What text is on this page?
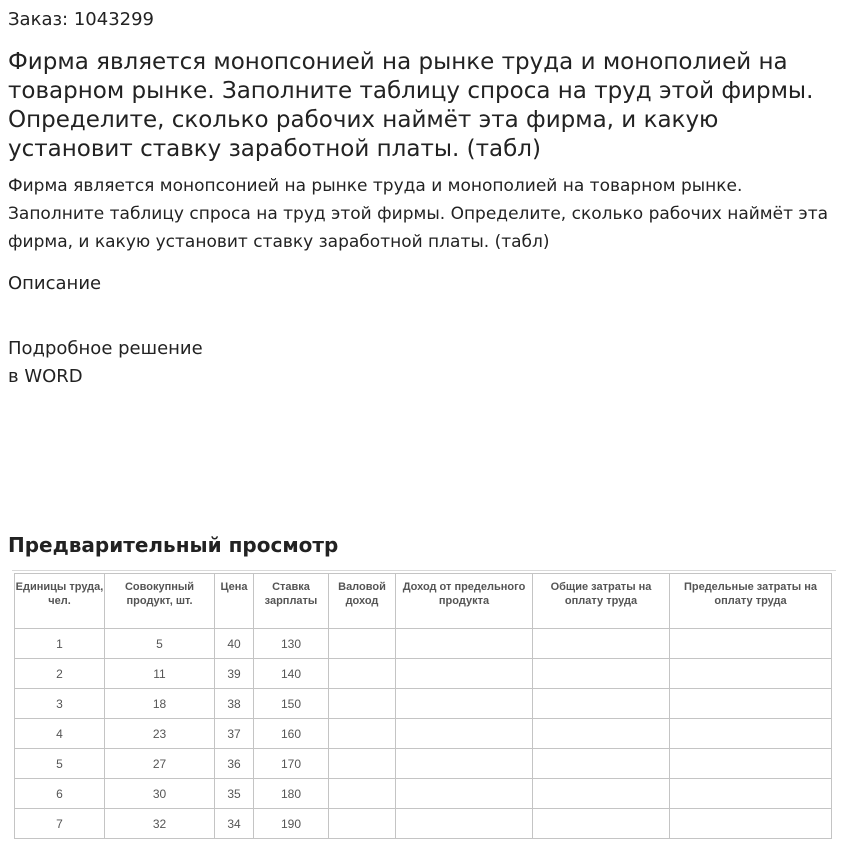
Заказ: 1043299
Фирма является монопсонией на рынке труда и монополией на товарном рынке. Заполните таблицу спроса на труд этой фирмы. Определите, сколько рабочих наймёт эта фирма, и какую установит ставку заработной платы. (табл)

Фирма является монопсонией на рынке труда и монополией на товарном рынке. Заполните таблицу спроса на труд этой фирмы. Определите, сколько рабочих наймёт эта фирма, и какую установит ставку заработной платы. (табл)

Описание
Подробное решение
в WORD
Предварительный просмотр
Единицы труда, чел.	Совокупный продукт, шт.	Цена	Ставка зарплаты	Валовой доход	Доход от предельного продукта	Общие затраты на оплату труда	Предельные затраты на оплату труда
1	5	40	130				
2	11	39	140				
3	18	38	150				
4	23	37	160				
5	27	36	170				
6	30	35	180				
7	32	34	190				
